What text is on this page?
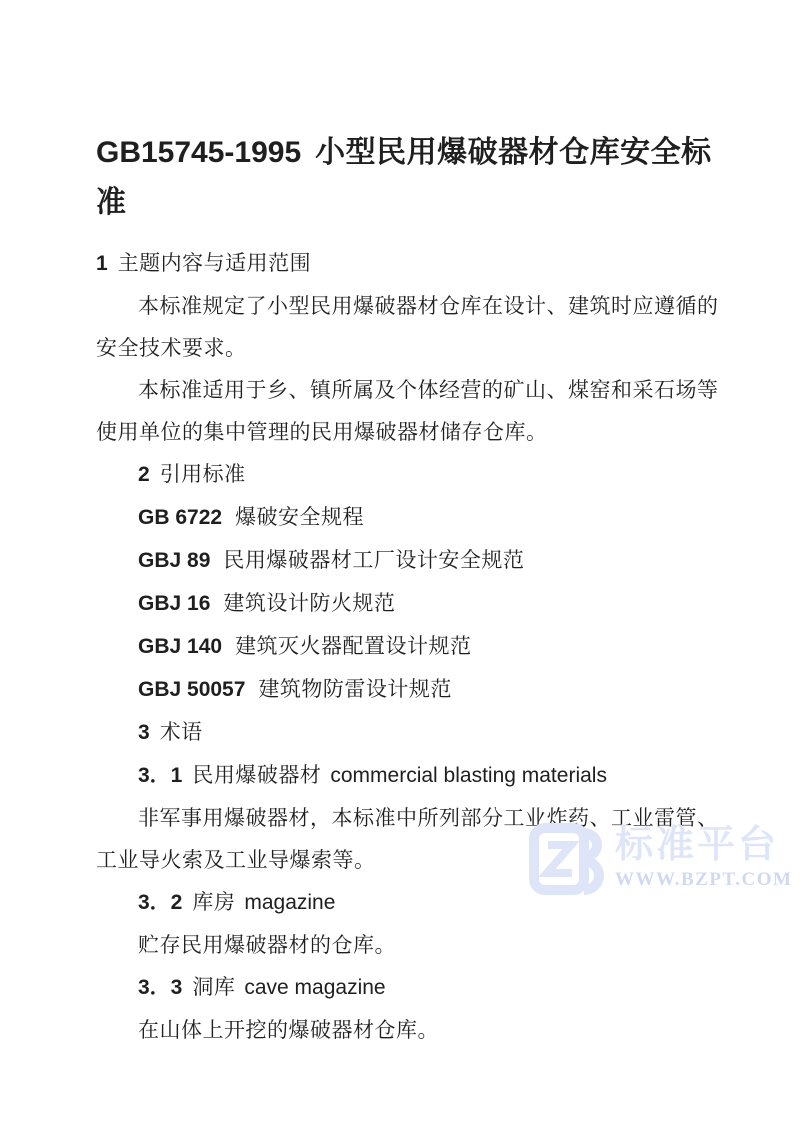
GB15745-1995 小型民用爆破器材仓库安全标准

1 主题内容与适用范围

本标准规定了小型民用爆破器材仓库在设计、建筑时应遵循的安全技术要求。

本标准适用于乡、镇所属及个体经营的矿山、煤窑和采石场等使用单位的集中管理的民用爆破器材储存仓库。

2 引用标准

GB 6722 爆破安全规程

GBJ 89 民用爆破器材工厂设计安全规范

GBJ 16 建筑设计防火规范

GBJ 140 建筑灭火器配置设计规范

GBJ 50057 建筑物防雷设计规范

3 术语

3．1 民用爆破器材 commercial blasting materials

非军事用爆破器材，本标准中所列部分工业炸药、工业雷管、工业导火索及工业导爆索等。

3．2 库房 magazine

贮存民用爆破器材的仓库。

3．3 洞库 cave magazine

在山体上开挖的爆破器材仓库。

标准平台
WWW.BZPT.COM
